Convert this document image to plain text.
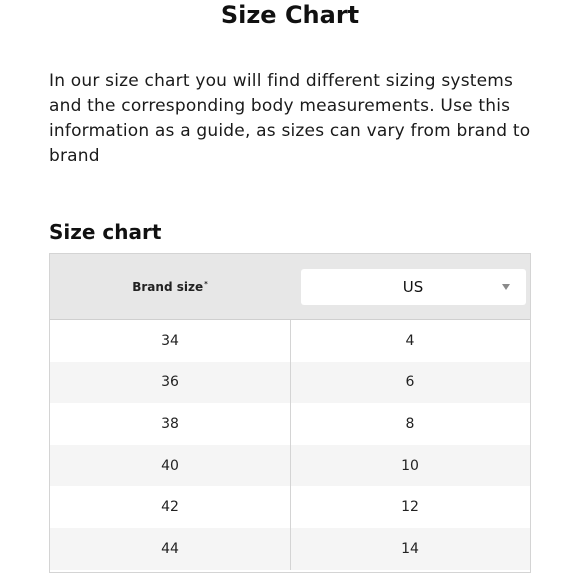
Size Chart

In our size chart you will find different sizing systems and the corresponding body measurements. Use this information as a guide, as sizes can vary from brand to brand

Size chart
Brand size*	US
34	4
36	6
38	8
40	10
42	12
44	14
